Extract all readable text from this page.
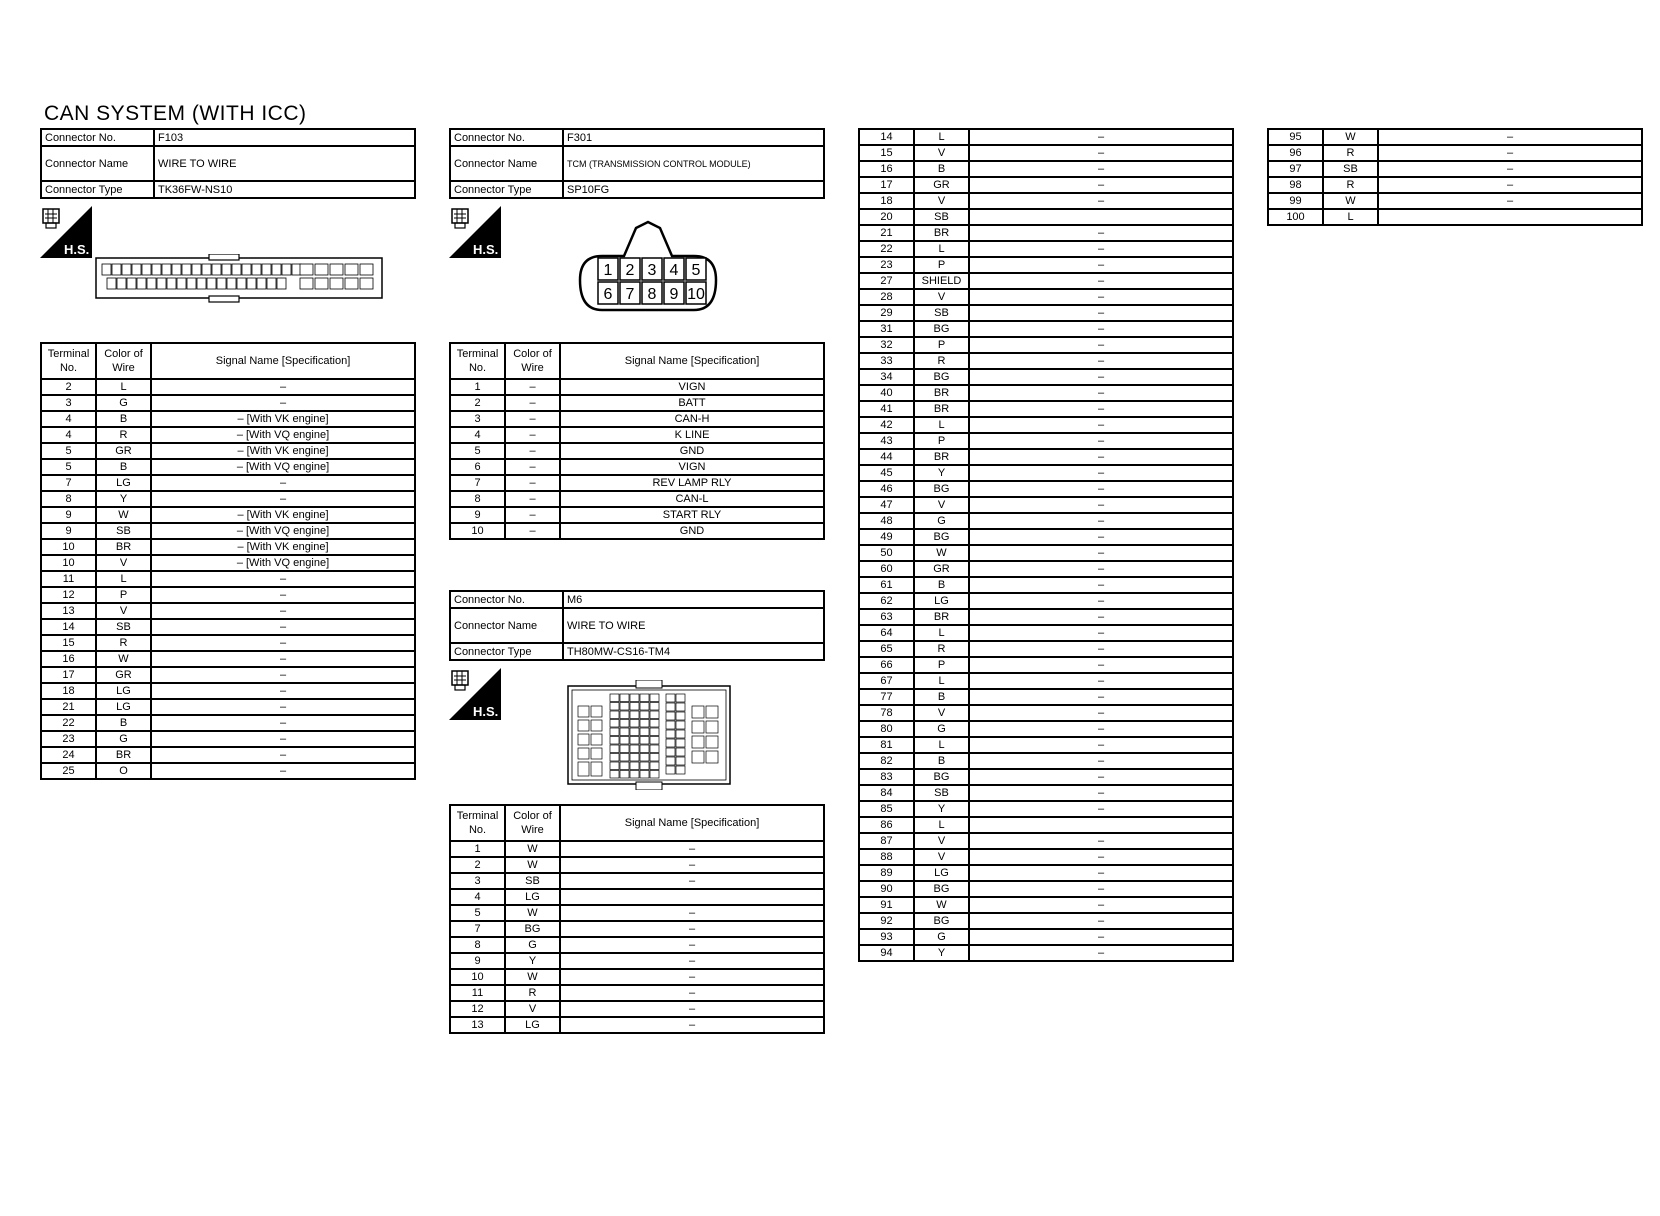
CAN SYSTEM (WITH ICC)
Connector No.	F103
Connector Name	WIRE TO WIRE
Connector Type	TK36FW-NS10
H.S.
Terminal No.	Color of Wire	Signal Name [Specification]
2	L	–
3	G	–
4	B	– [With VK engine]
4	R	– [With VQ engine]
5	GR	– [With VK engine]
5	B	– [With VQ engine]
7	LG	–
8	Y	–
9	W	– [With VK engine]
9	SB	– [With VQ engine]
10	BR	– [With VK engine]
10	V	– [With VQ engine]
11	L	–
12	P	–
13	V	–
14	SB	–
15	R	–
16	W	–
17	GR	–
18	LG	–
21	LG	–
22	B	–
23	G	–
24	BR	–
25	O	–
Connector No.	F301
Connector Name	TCM (TRANSMISSION CONTROL MODULE)
Connector Type	SP10FG
H.S.
1 2 3 4 5
6 7 8 9 10
Terminal No.	Color of Wire	Signal Name [Specification]
1	–	VIGN
2	–	BATT
3	–	CAN-H
4	–	K LINE
5	–	GND
6	–	VIGN
7	–	REV LAMP RLY
8	–	CAN-L
9	–	START RLY
10	–	GND
Connector No.	M6
Connector Name	WIRE TO WIRE
Connector Type	TH80MW-CS16-TM4
H.S.
Terminal No.	Color of Wire	Signal Name [Specification]
1	W	–
2	W	–
3	SB	–
4	LG	
5	W	–
7	BG	–
8	G	–
9	Y	–
10	W	–
11	R	–
12	V	–
13	LG	–
14	L	–
15	V	–
16	B	–
17	GR	–
18	V	–
20	SB	
21	BR	–
22	L	–
23	P	–
27	SHIELD	–
28	V	–
29	SB	–
31	BG	–
32	P	–
33	R	–
34	BG	–
40	BR	–
41	BR	–
42	L	–
43	P	–
44	BR	–
45	Y	–
46	BG	–
47	V	–
48	G	–
49	BG	–
50	W	–
60	GR	–
61	B	–
62	LG	–
63	BR	–
64	L	–
65	R	–
66	P	–
67	L	–
77	B	–
78	V	–
80	G	–
81	L	–
82	B	–
83	BG	–
84	SB	–
85	Y	–
86	L	
87	V	–
88	V	–
89	LG	–
90	BG	–
91	W	–
92	BG	–
93	G	–
94	Y	–
95	W	–
96	R	–
97	SB	–
98	R	–
99	W	–
100	L	
